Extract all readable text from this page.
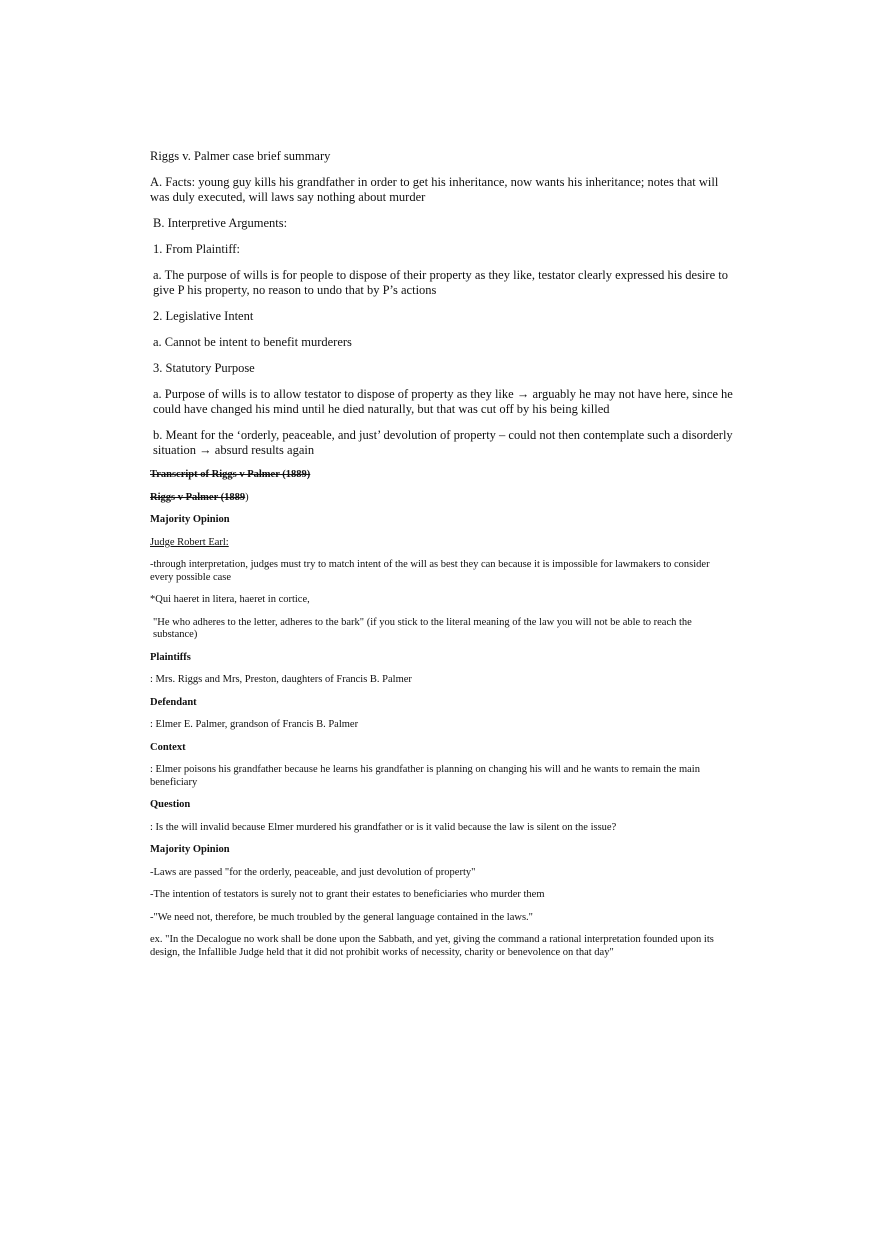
Riggs v. Palmer case brief summary

A. Facts: young guy kills his grandfather in order to get his inheritance, now wants his inheritance; notes that will was duly executed, will laws say nothing about murder

B. Interpretive Arguments:

1. From Plaintiff:

a. The purpose of wills is for people to dispose of their property as they like, testator clearly expressed his desire to give P his property, no reason to undo that by P’s actions

2. Legislative Intent

a. Cannot be intent to benefit murderers

3. Statutory Purpose

a. Purpose of wills is to allow testator to dispose of property as they like → arguably he may not have here, since he could have changed his mind until he died naturally, but that was cut off by his being killed

b. Meant for the ‘orderly, peaceable, and just’ devolution of property – could not then contemplate such a disorderly situation → absurd results again

Transcript of Riggs v Palmer (1889)

Riggs v Palmer (1889)

Majority Opinion

Judge Robert Earl:

-through interpretation, judges must try to match intent of the will as best they can because it is impossible for lawmakers to consider every possible case

*Qui haeret in litera, haeret in cortice,

"He who adheres to the letter, adheres to the bark" (if you stick to the literal meaning of the law you will not be able to reach the substance)

Plaintiffs

: Mrs. Riggs and Mrs, Preston, daughters of Francis B. Palmer

Defendant

: Elmer E. Palmer, grandson of Francis B. Palmer

Context

: Elmer poisons his grandfather because he learns his grandfather is planning on changing his will and he wants to remain the main beneficiary

Question

: Is the will invalid because Elmer murdered his grandfather or is it valid because the law is silent on the issue?

Majority Opinion

-Laws are passed "for the orderly, peaceable, and just devolution of property"

-The intention of testators is surely not to grant their estates to beneficiaries who murder them

-"We need not, therefore, be much troubled by the general language contained in the laws."

ex. "In the Decalogue no work shall be done upon the Sabbath, and yet, giving the command a rational interpretation founded upon its design, the Infallible Judge held that it did not prohibit works of necessity, charity or benevolence on that day"
